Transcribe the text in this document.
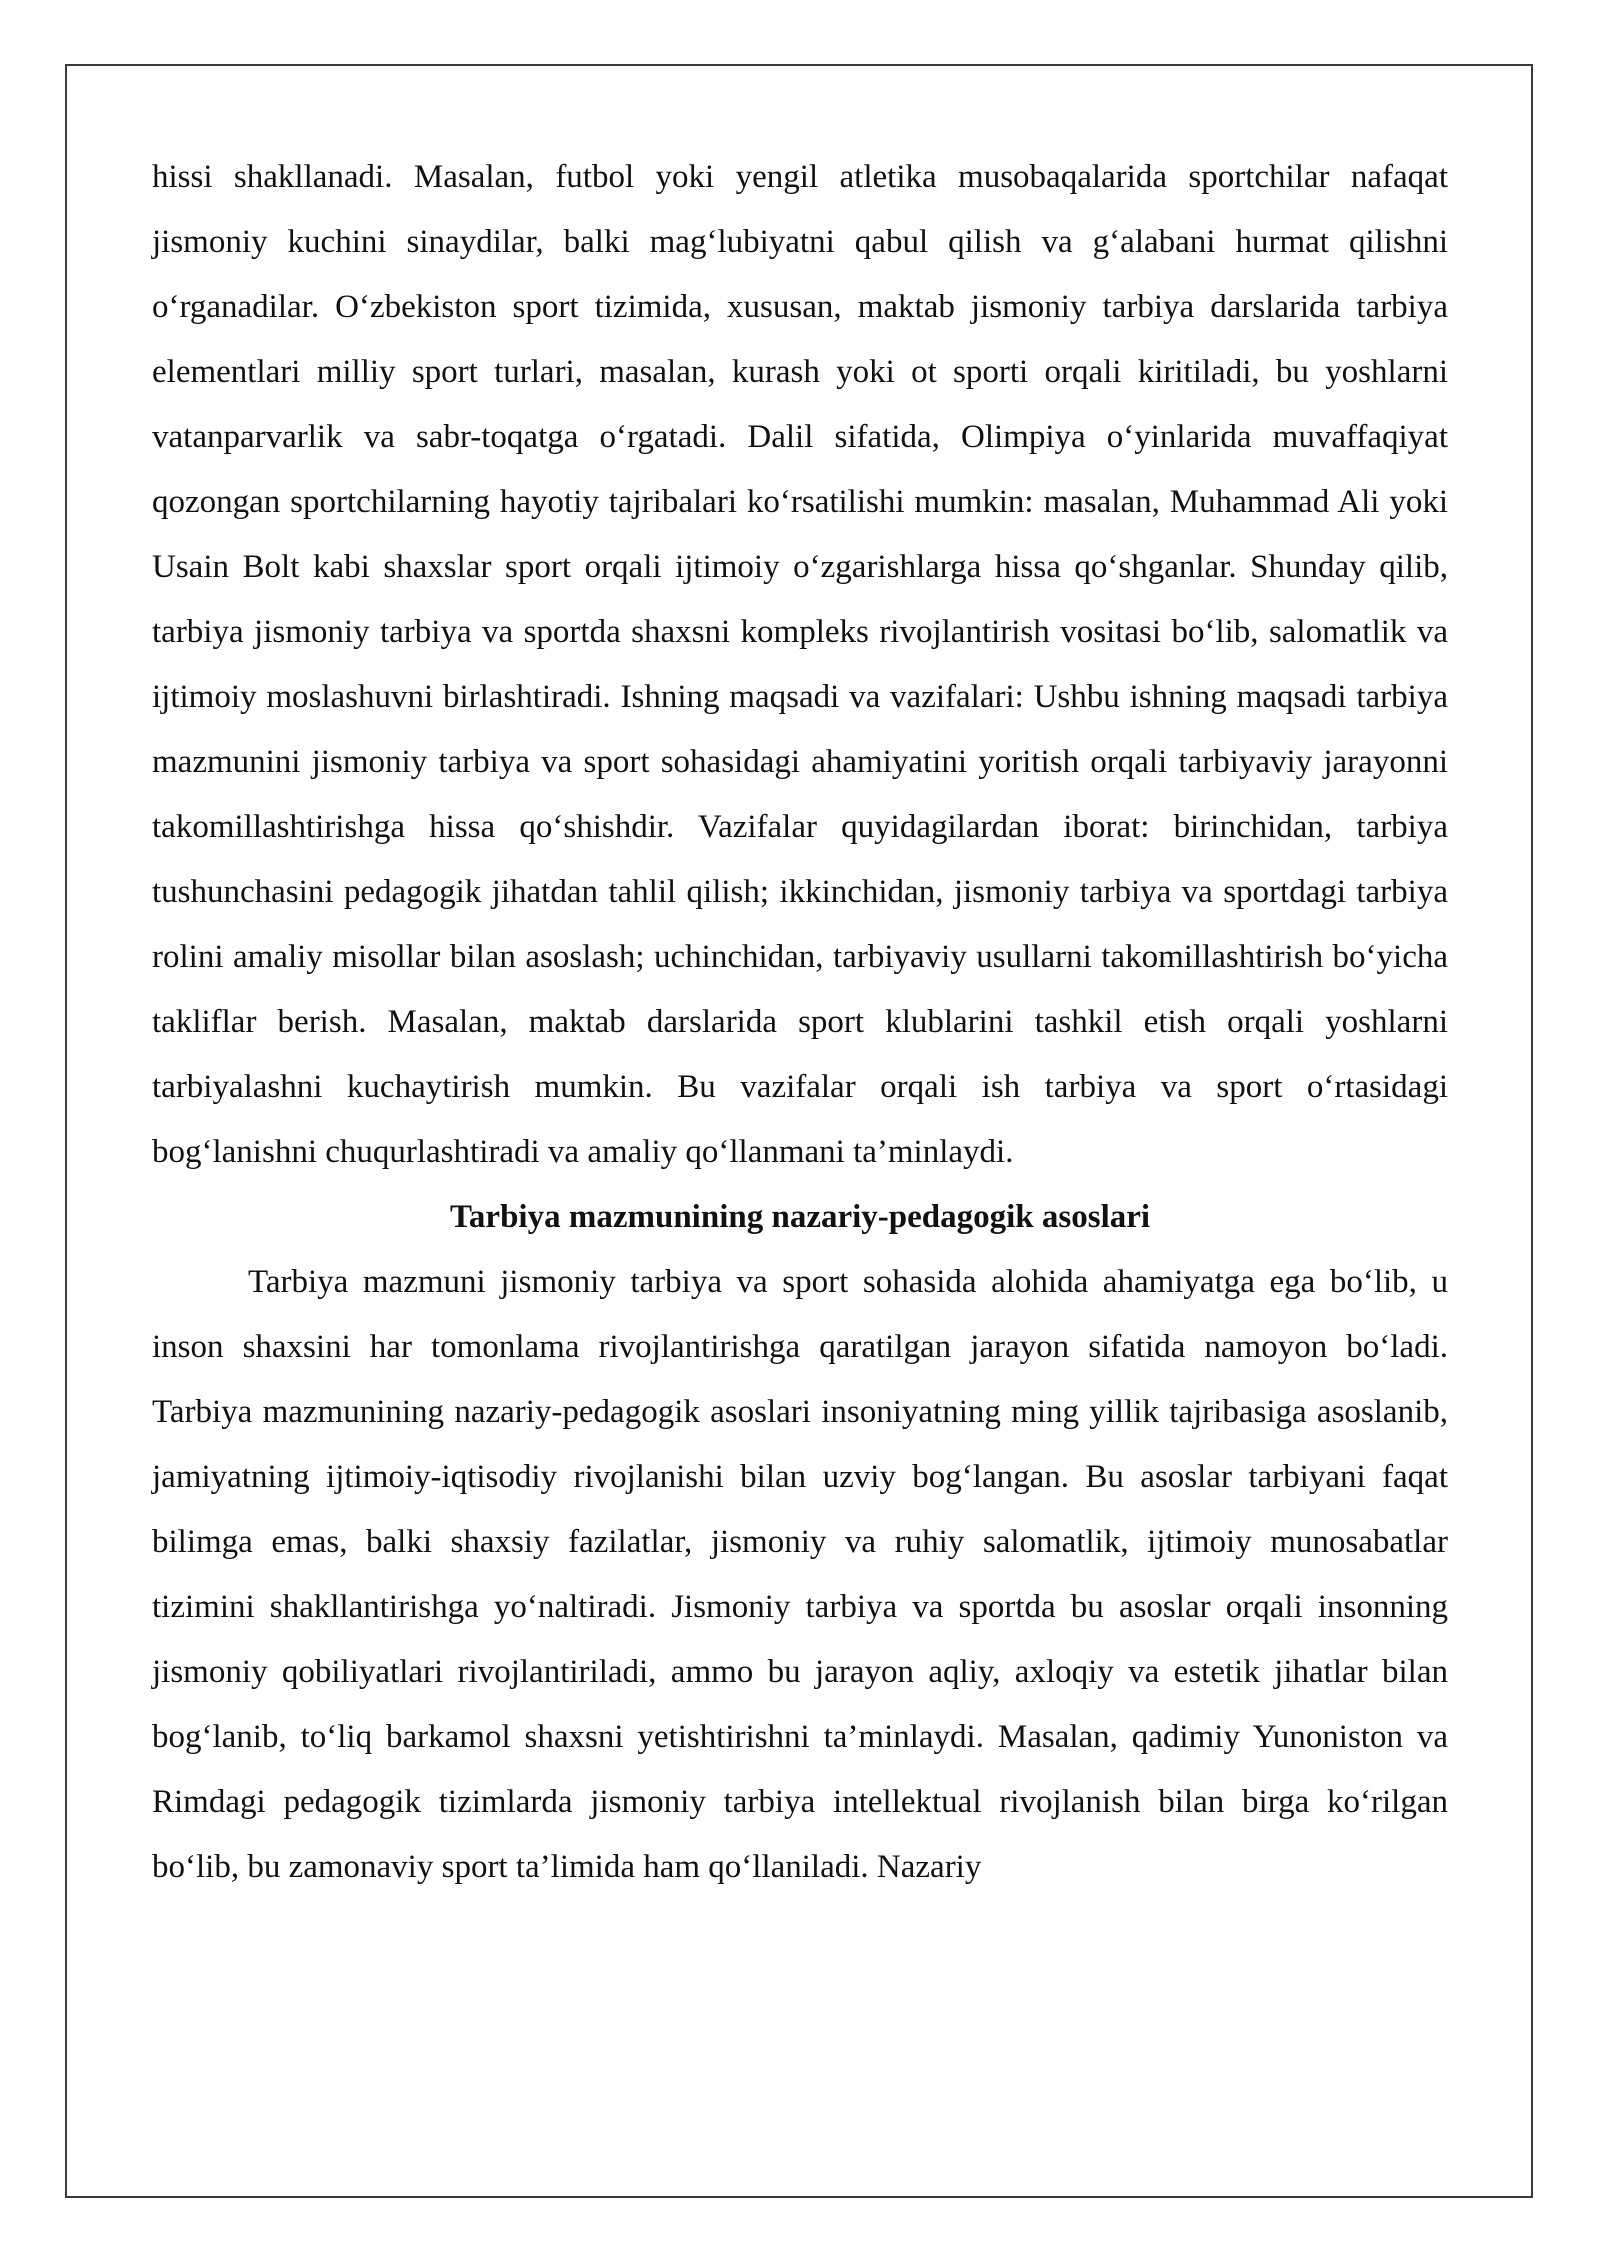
hissi shakllanadi. Masalan, futbol yoki yengil atletika musobaqalarida sportchilar nafaqat jismoniy kuchini sinaydilar, balki mag‘lubiyatni qabul qilish va g‘alabani hurmat qilishni o‘rganadilar. O‘zbekiston sport tizimida, xususan, maktab jismoniy tarbiya darslarida tarbiya elementlari milliy sport turlari, masalan, kurash yoki ot sporti orqali kiritiladi, bu yoshlarni vatanparvarlik va sabr-toqatga o‘rgatadi. Dalil sifatida, Olimpiya o‘yinlarida muvaffaqiyat qozongan sportchilarning hayotiy tajribalari ko‘rsatilishi mumkin: masalan, Muhammad Ali yoki Usain Bolt kabi shaxslar sport orqali ijtimoiy o‘zgarishlarga hissa qo‘shganlar. Shunday qilib, tarbiya jismoniy tarbiya va sportda shaxsni kompleks rivojlantirish vositasi bo‘lib, salomatlik va ijtimoiy moslashuvni birlashtiradi. Ishning maqsadi va vazifalari: Ushbu ishning maqsadi tarbiya mazmunini jismoniy tarbiya va sport sohasidagi ahamiyatini yoritish orqali tarbiyaviy jarayonni takomillashtirishga hissa qo‘shishdir. Vazifalar quyidagilardan iborat: birinchidan, tarbiya tushunchasini pedagogik jihatdan tahlil qilish; ikkinchidan, jismoniy tarbiya va sportdagi tarbiya rolini amaliy misollar bilan asoslash; uchinchidan, tarbiyaviy usullarni takomillashtirish bo‘yicha takliflar berish. Masalan, maktab darslarida sport klublarini tashkil etish orqali yoshlarni tarbiyalashni kuchaytirish mumkin. Bu vazifalar orqali ish tarbiya va sport o‘rtasidagi bog‘lanishni chuqurlashtiradi va amaliy qo‘llanmani ta’minlaydi.

Tarbiya mazmunining nazariy-pedagogik asoslari

Tarbiya mazmuni jismoniy tarbiya va sport sohasida alohida ahamiyatga ega bo‘lib, u inson shaxsini har tomonlama rivojlantirishga qaratilgan jarayon sifatida namoyon bo‘ladi. Tarbiya mazmunining nazariy-pedagogik asoslari insoniyatning ming yillik tajribasiga asoslanib, jamiyatning ijtimoiy-iqtisodiy rivojlanishi bilan uzviy bog‘langan. Bu asoslar tarbiyani faqat bilimga emas, balki shaxsiy fazilatlar, jismoniy va ruhiy salomatlik, ijtimoiy munosabatlar tizimini shakllantirishga yo‘naltiradi. Jismoniy tarbiya va sportda bu asoslar orqali insonning jismoniy qobiliyatlari rivojlantiriladi, ammo bu jarayon aqliy, axloqiy va estetik jihatlar bilan bog‘lanib, to‘liq barkamol shaxsni yetishtirishni ta’minlaydi. Masalan, qadimiy Yunoniston va Rimdagi pedagogik tizimlarda jismoniy tarbiya intellektual rivojlanish bilan birga ko‘rilgan bo‘lib, bu zamonaviy sport ta’limida ham qo‘llaniladi. Nazariy
